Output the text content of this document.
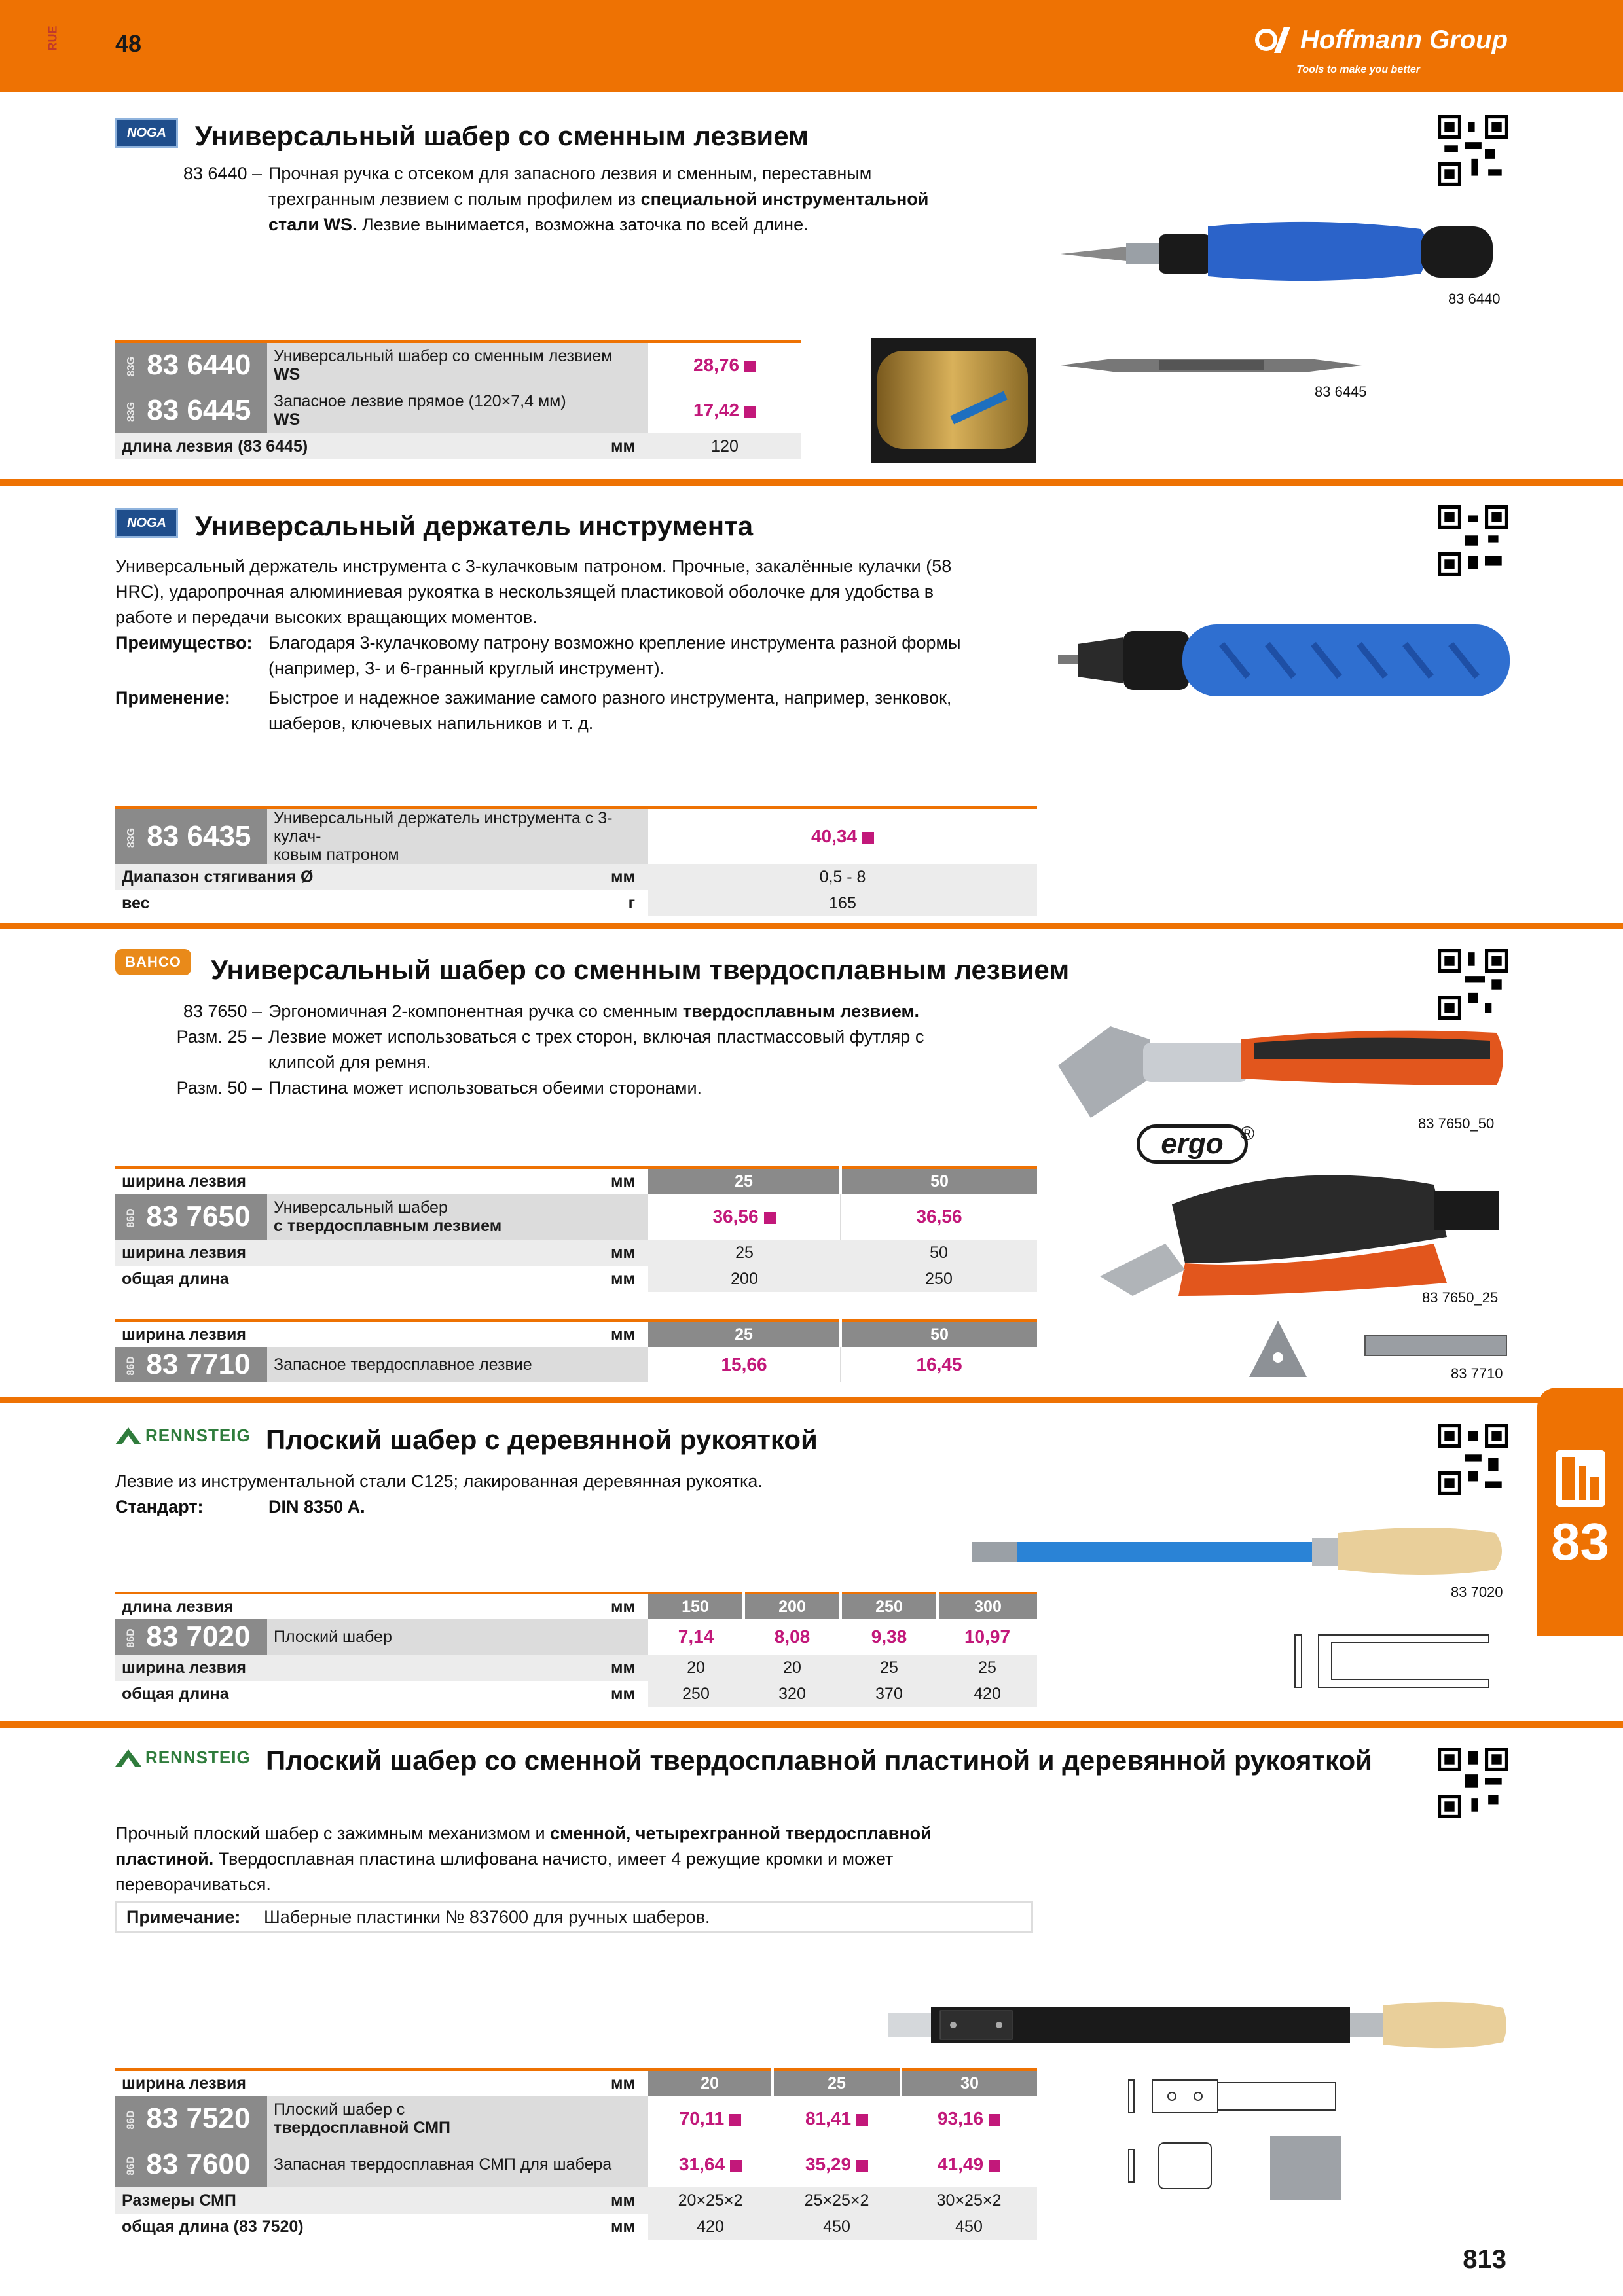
RUE 48	Hoffmann Group
Tools to make you better
NOGA	Универсальный шабер со сменным лезвием
83 6440 – Прочная ручка с отсеком для запасного лезвия и сменным, переставным
трехгранным лезвием с полым профилем из специальной инструментальной
стали WS. Лезвие вынимается, возможна заточка по всей длине.
83 6440
83 6445
83G 83 6440	Универсальный шабер со сменным лезвием
WS	28,76
83G 83 6445	Запасное лезвие прямое (120×7,4 мм)
WS	17,42
длина лезвия (83 6445) мм		120
NOGA	Универсальный держатель инструмента
Универсальный держатель инструмента с 3-кулачковым патроном. Прочные, закалённые кулачки (58
HRC), ударопрочная алюминиевая рукоятка в нескользящей пластиковой оболочке для удобства в
работе и передачи высоких вращающих моментов.
Преимущество: Благодаря 3-кулачковому патрону возможно крепление инструмента разной формы
(например, 3- и 6-гранный круглый инструмент).
Применение:	Быстрое и надежное зажимание самого разного инструмента, например, зенковок,
шаберов, ключевых напильников и т. д.
83G 83 6435	Универсальный держатель инструмента с 3-кулач-
ковым патроном	40,34
Диапазон стягивания Ø мм		0,5 - 8
вес г		165
BAHCO	Универсальный шабер со сменным твердосплавным лезвием
83 7650 – Эргономичная 2-компонентная ручка со сменным твердосплавным лезвием.
Разм. 25 – Лезвие может использоваться с трех сторон, включая пластмассовый футляр с
клипсой для ремня.
Разм. 50 – Пластина может использоваться обеими сторонами.
ergo ®	83 7650_50
83 7650_25
83 7710
ширина лезвия мм		25	50
86D 83 7650	Универсальный шабер
с твердосплавным лезвием	36,56	36,56
ширина лезвия мм		25	50
общая длина мм		200	250
ширина лезвия мм		25	50
86D 83 7710	Запасное твердосплавное лезвие	15,66	16,45
RENNSTEIG Плоский шабер с деревянной рукояткой
Лезвие из инструментальной стали C125; лакированная деревянная рукоятка.
Стандарт:	DIN 8350 A.
83 7020
длина лезвия мм		150	200	250	300
86D 83 7020	Плоский шабер	7,14	8,08	9,38	10,97
ширина лезвия мм		20	20	25	25
общая длина мм		250	320	370	420
RENNSTEIG Плоский шабер со сменной твердосплавной пластиной и деревянной рукояткой
Прочный плоский шабер с зажимным механизмом и сменной, четырехгранной твердосплавной
пластиной. Твердосплавная пластина шлифована начисто, имеет 4 режущие кромки и может
переворачиваться.
Примечание:	Шаберные пластинки № 837600 для ручных шаберов.
ширина лезвия мм		20	25	30
86D 83 7520	Плоский шабер с
твердосплавной СМП	70,11	81,41	93,16
86D 83 7600	Запасная твердосплавная СМП для шабера	31,64	35,29	41,49
Размеры СМП мм		20×25×2	25×25×2	30×25×2
общая длина (83 7520) мм		420	450	450
83
813
